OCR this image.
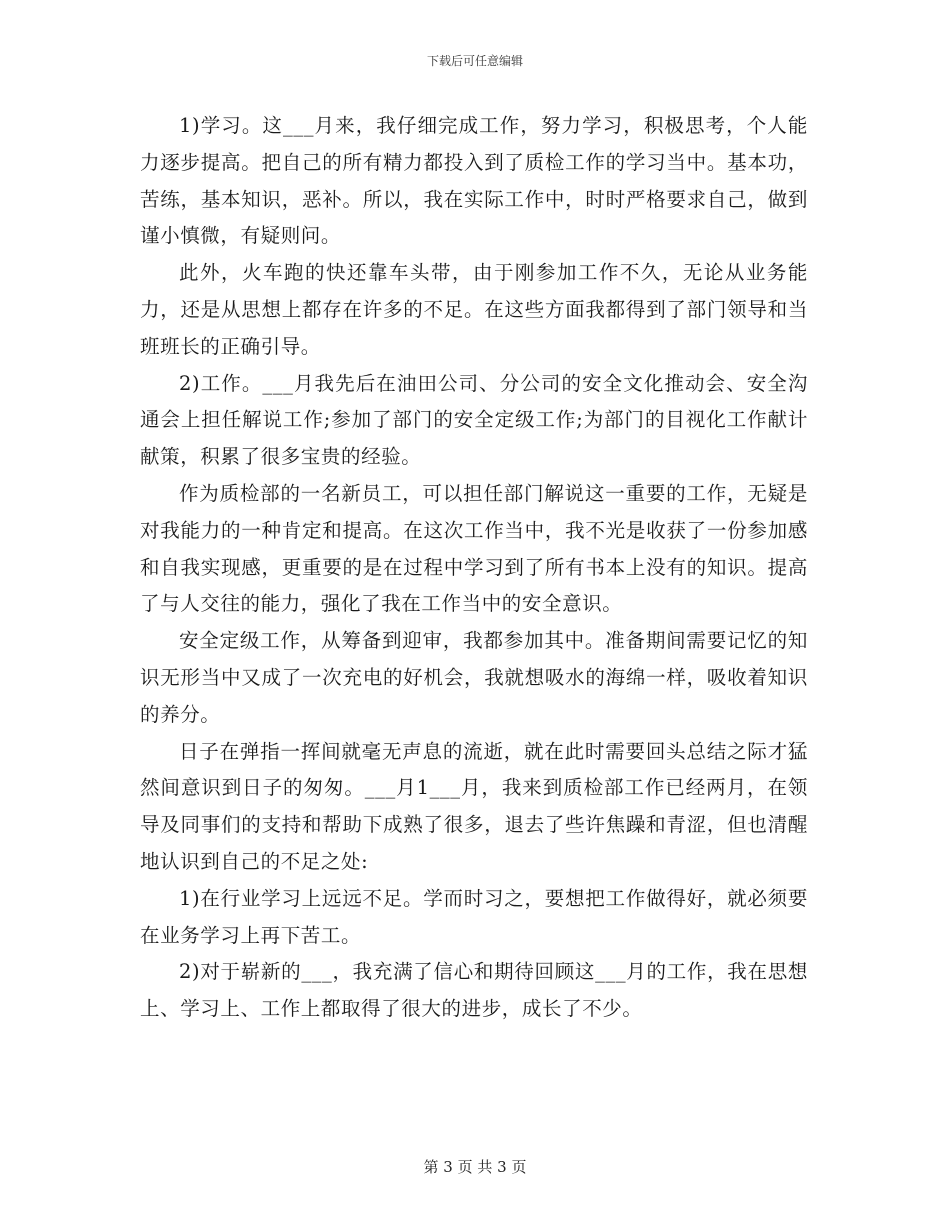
下载后可任意编辑

1)学习。这___月来，我仔细完成工作，努力学习，积极思考，个人能力逐步提高。把自己的所有精力都投入到了质检工作的学习当中。基本功，苦练，基本知识，恶补。所以，我在实际工作中，时时严格要求自己，做到谨小慎微，有疑则问。

此外，火车跑的快还靠车头带，由于刚参加工作不久，无论从业务能力，还是从思想上都存在许多的不足。在这些方面我都得到了部门领导和当班班长的正确引导。

2)工作。___月我先后在油田公司、分公司的安全文化推动会、安全沟通会上担任解说工作;参加了部门的安全定级工作;为部门的目视化工作献计献策，积累了很多宝贵的经验。

作为质检部的一名新员工，可以担任部门解说这一重要的工作，无疑是对我能力的一种肯定和提高。在这次工作当中，我不光是收获了一份参加感和自我实现感，更重要的是在过程中学习到了所有书本上没有的知识。提高了与人交往的能力，强化了我在工作当中的安全意识。

安全定级工作，从筹备到迎审，我都参加其中。准备期间需要记忆的知识无形当中又成了一次充电的好机会，我就想吸水的海绵一样，吸收着知识的养分。

日子在弹指一挥间就毫无声息的流逝，就在此时需要回头总结之际才猛然间意识到日子的匆匆。___月1___月，我来到质检部工作已经两月，在领导及同事们的支持和帮助下成熟了很多，退去了些许焦躁和青涩，但也清醒地认识到自己的不足之处:

1)在行业学习上远远不足。学而时习之，要想把工作做得好，就必须要在业务学习上再下苦工。

2)对于崭新的___，我充满了信心和期待回顾这___月的工作，我在思想上、学习上、工作上都取得了很大的进步，成长了不少。

第 3 页 共 3 页
